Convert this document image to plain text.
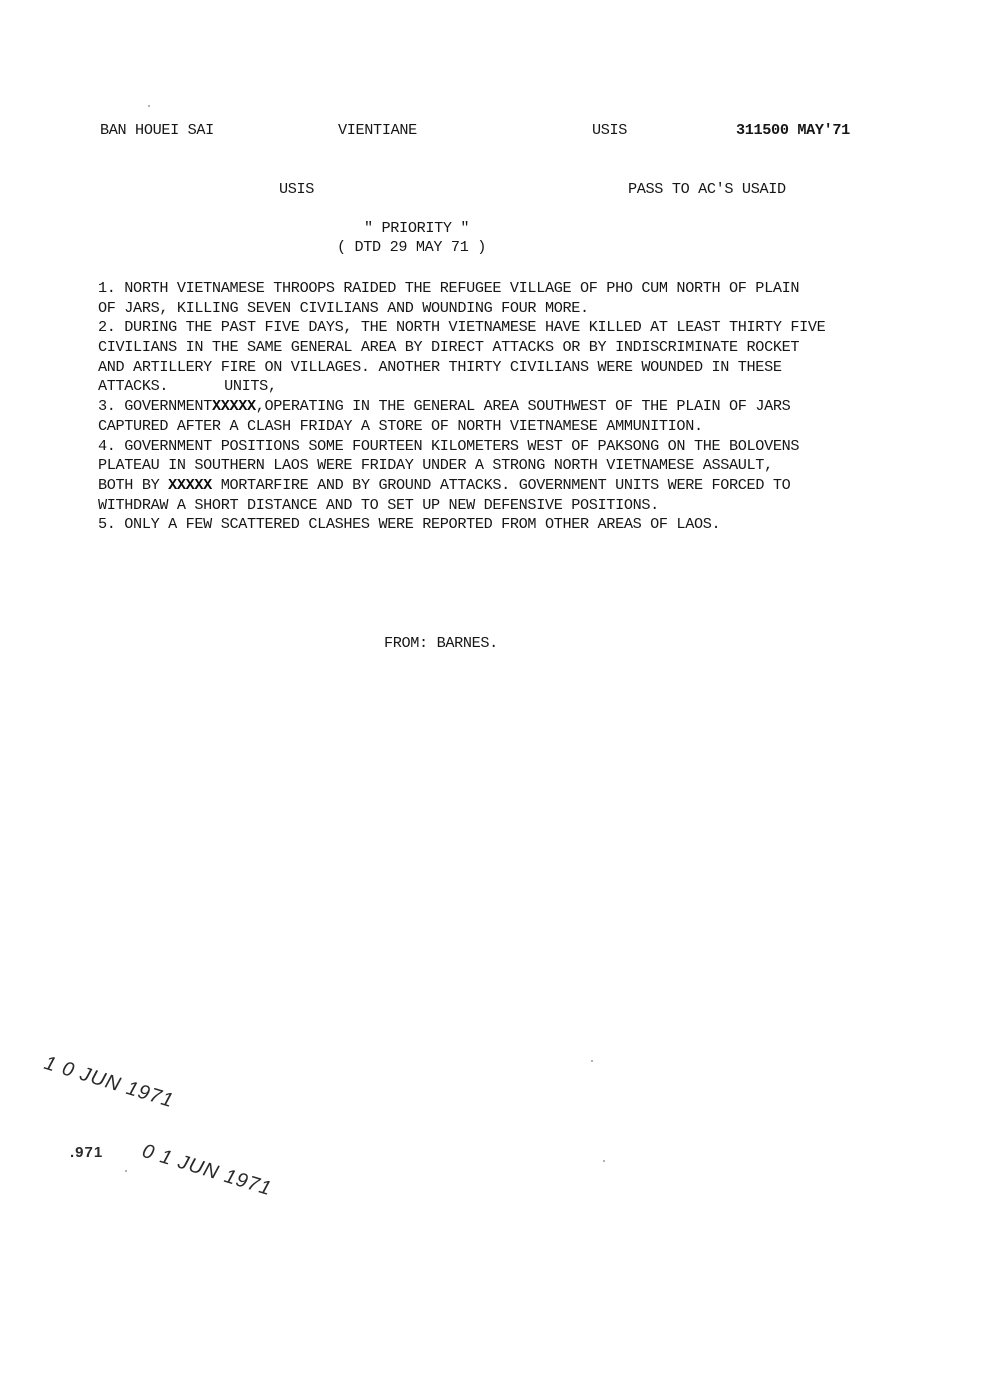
BAN HOUEI SAI	VIENTIANE	USIS	311500 MAY'71
USIS	PASS TO AC'S USAID
" PRIORITY "
( DTD 29 MAY 71 )
1. NORTH VIETNAMESE THROOPS RAIDED THE REFUGEE VILLAGE OF PHO CUM NORTH OF PLAIN
OF JARS, KILLING SEVEN CIVILIANS AND WOUNDING FOUR MORE.
2. DURING THE PAST FIVE DAYS, THE NORTH VIETNAMESE HAVE KILLED AT LEAST THIRTY FIVE
CIVILIANS IN THE SAME GENERAL AREA BY DIRECT ATTACKS OR BY INDISCRIMINATE ROCKET
AND ARTILLERY FIRE ON VILLAGES. ANOTHER THIRTY CIVILIANS WERE WOUNDED IN THESE
ATTACKS.	UNITS,
3. GOVERNMENTXXXXX,OPERATING IN THE GENERAL AREA SOUTHWEST OF THE PLAIN OF JARS
CAPTURED AFTER A CLASH FRIDAY A STORE OF NORTH VIETNAMESE AMMUNITION.
4. GOVERNMENT POSITIONS SOME FOURTEEN KILOMETERS WEST OF PAKSONG ON THE BOLOVENS
PLATEAU IN SOUTHERN LAOS WERE FRIDAY UNDER A STRONG NORTH VIETNAMESE ASSAULT,
BOTH BY XXXXX MORTARFIRE AND BY GROUND ATTACKS. GOVERNMENT UNITS WERE FORCED TO
WITHDRAW A SHORT DISTANCE AND TO SET UP NEW DEFENSIVE POSITIONS.
5. ONLY A FEW SCATTERED CLASHES WERE REPORTED FROM OTHER AREAS OF LAOS.
FROM: BARNES.
1 0 JUN 1971
.971 0 1 JUN 1971
